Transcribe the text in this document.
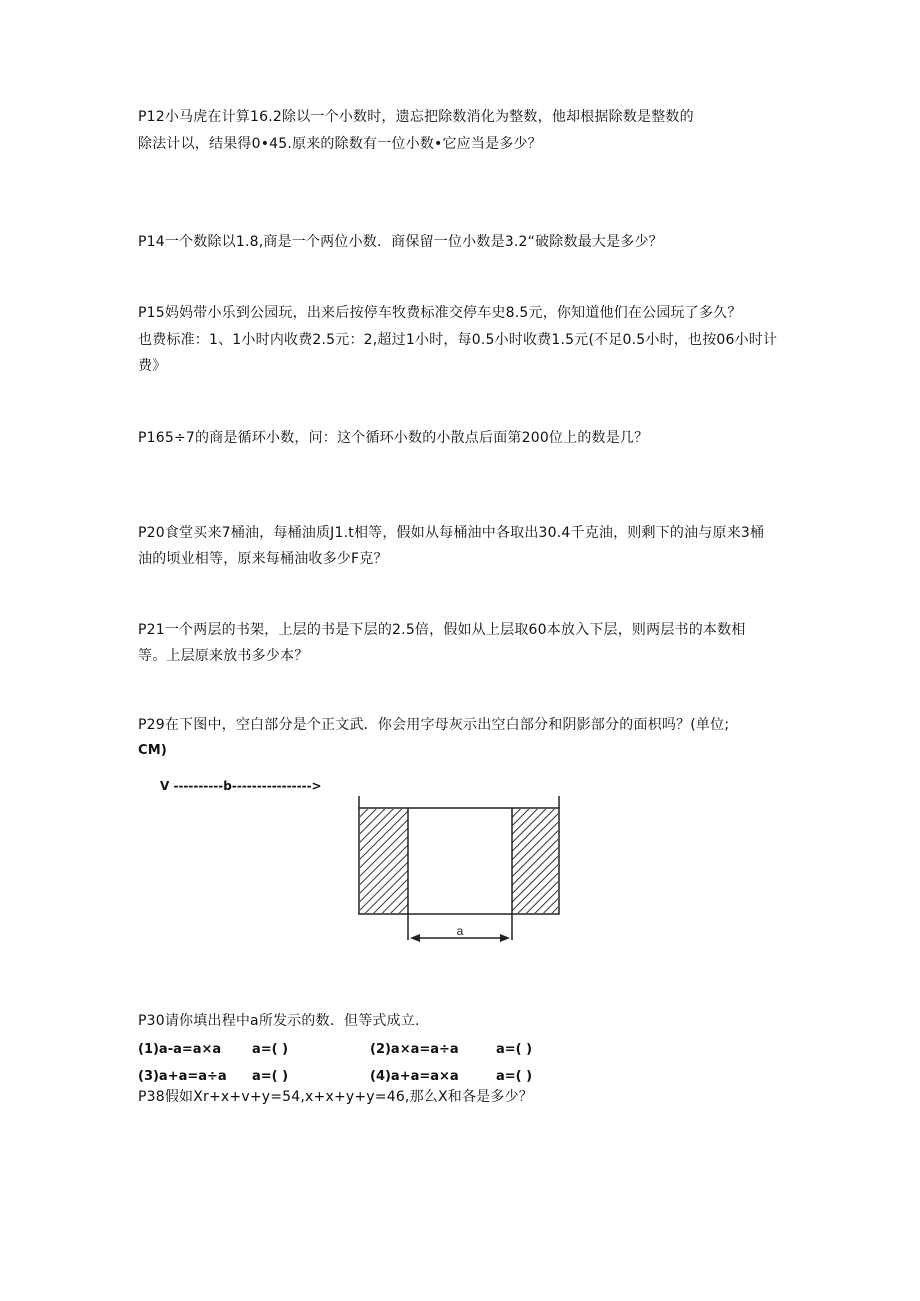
P12小马虎在计算16.2除以一个小数时，遗忘把除数消化为整数，他却根据除数是整数的
除法计以，结果得0•45.原来的除数有一位小数•它应当是多少？
P14一个数除以1.8,商是一个两位小数．商保留一位小数是3.2“破除数最大是多少？
P15妈妈带小乐到公园玩，出来后按停车牧费标准交停车史8.5元，你知道他们在公园玩了多久？
也费标准：1、1小时内收费2.5元：2,超过1小时，每0.5小时收费1.5元(不足0.5小时，也按06小时计
费》
P165÷7的商是循环小数，问：这个循环小数的小散点后面第200位上的数是几？
P20食堂买来7桶油，每桶油质J1.t相等，假如从每桶油中各取出30.4千克油，则剩下的油与原来3桶
油的顷业相等，原来每桶油收多少F克？
P21一个两层的书架，上层的书是下层的2.5倍，假如从上层取60本放入下层，则两层书的本数相
等。上层原来放书多少本？
P29在下图中，空白部分是个正文武．你会用字母灰示出空白部分和阴影部分的面枳吗？(单位;
CM)
V ----------b---------------->
a
P30请你填出程中a所发示的数．但等式成立.
(1)a-a=a×a a=( )	(2)a×a=a÷a	a=( )
(3)a+a=a÷a a=( )	(4)a+a=a×a	a=( )
P38假如Xr+x+v+y=54,x+x+y+y=46,那么X和各是多少？
